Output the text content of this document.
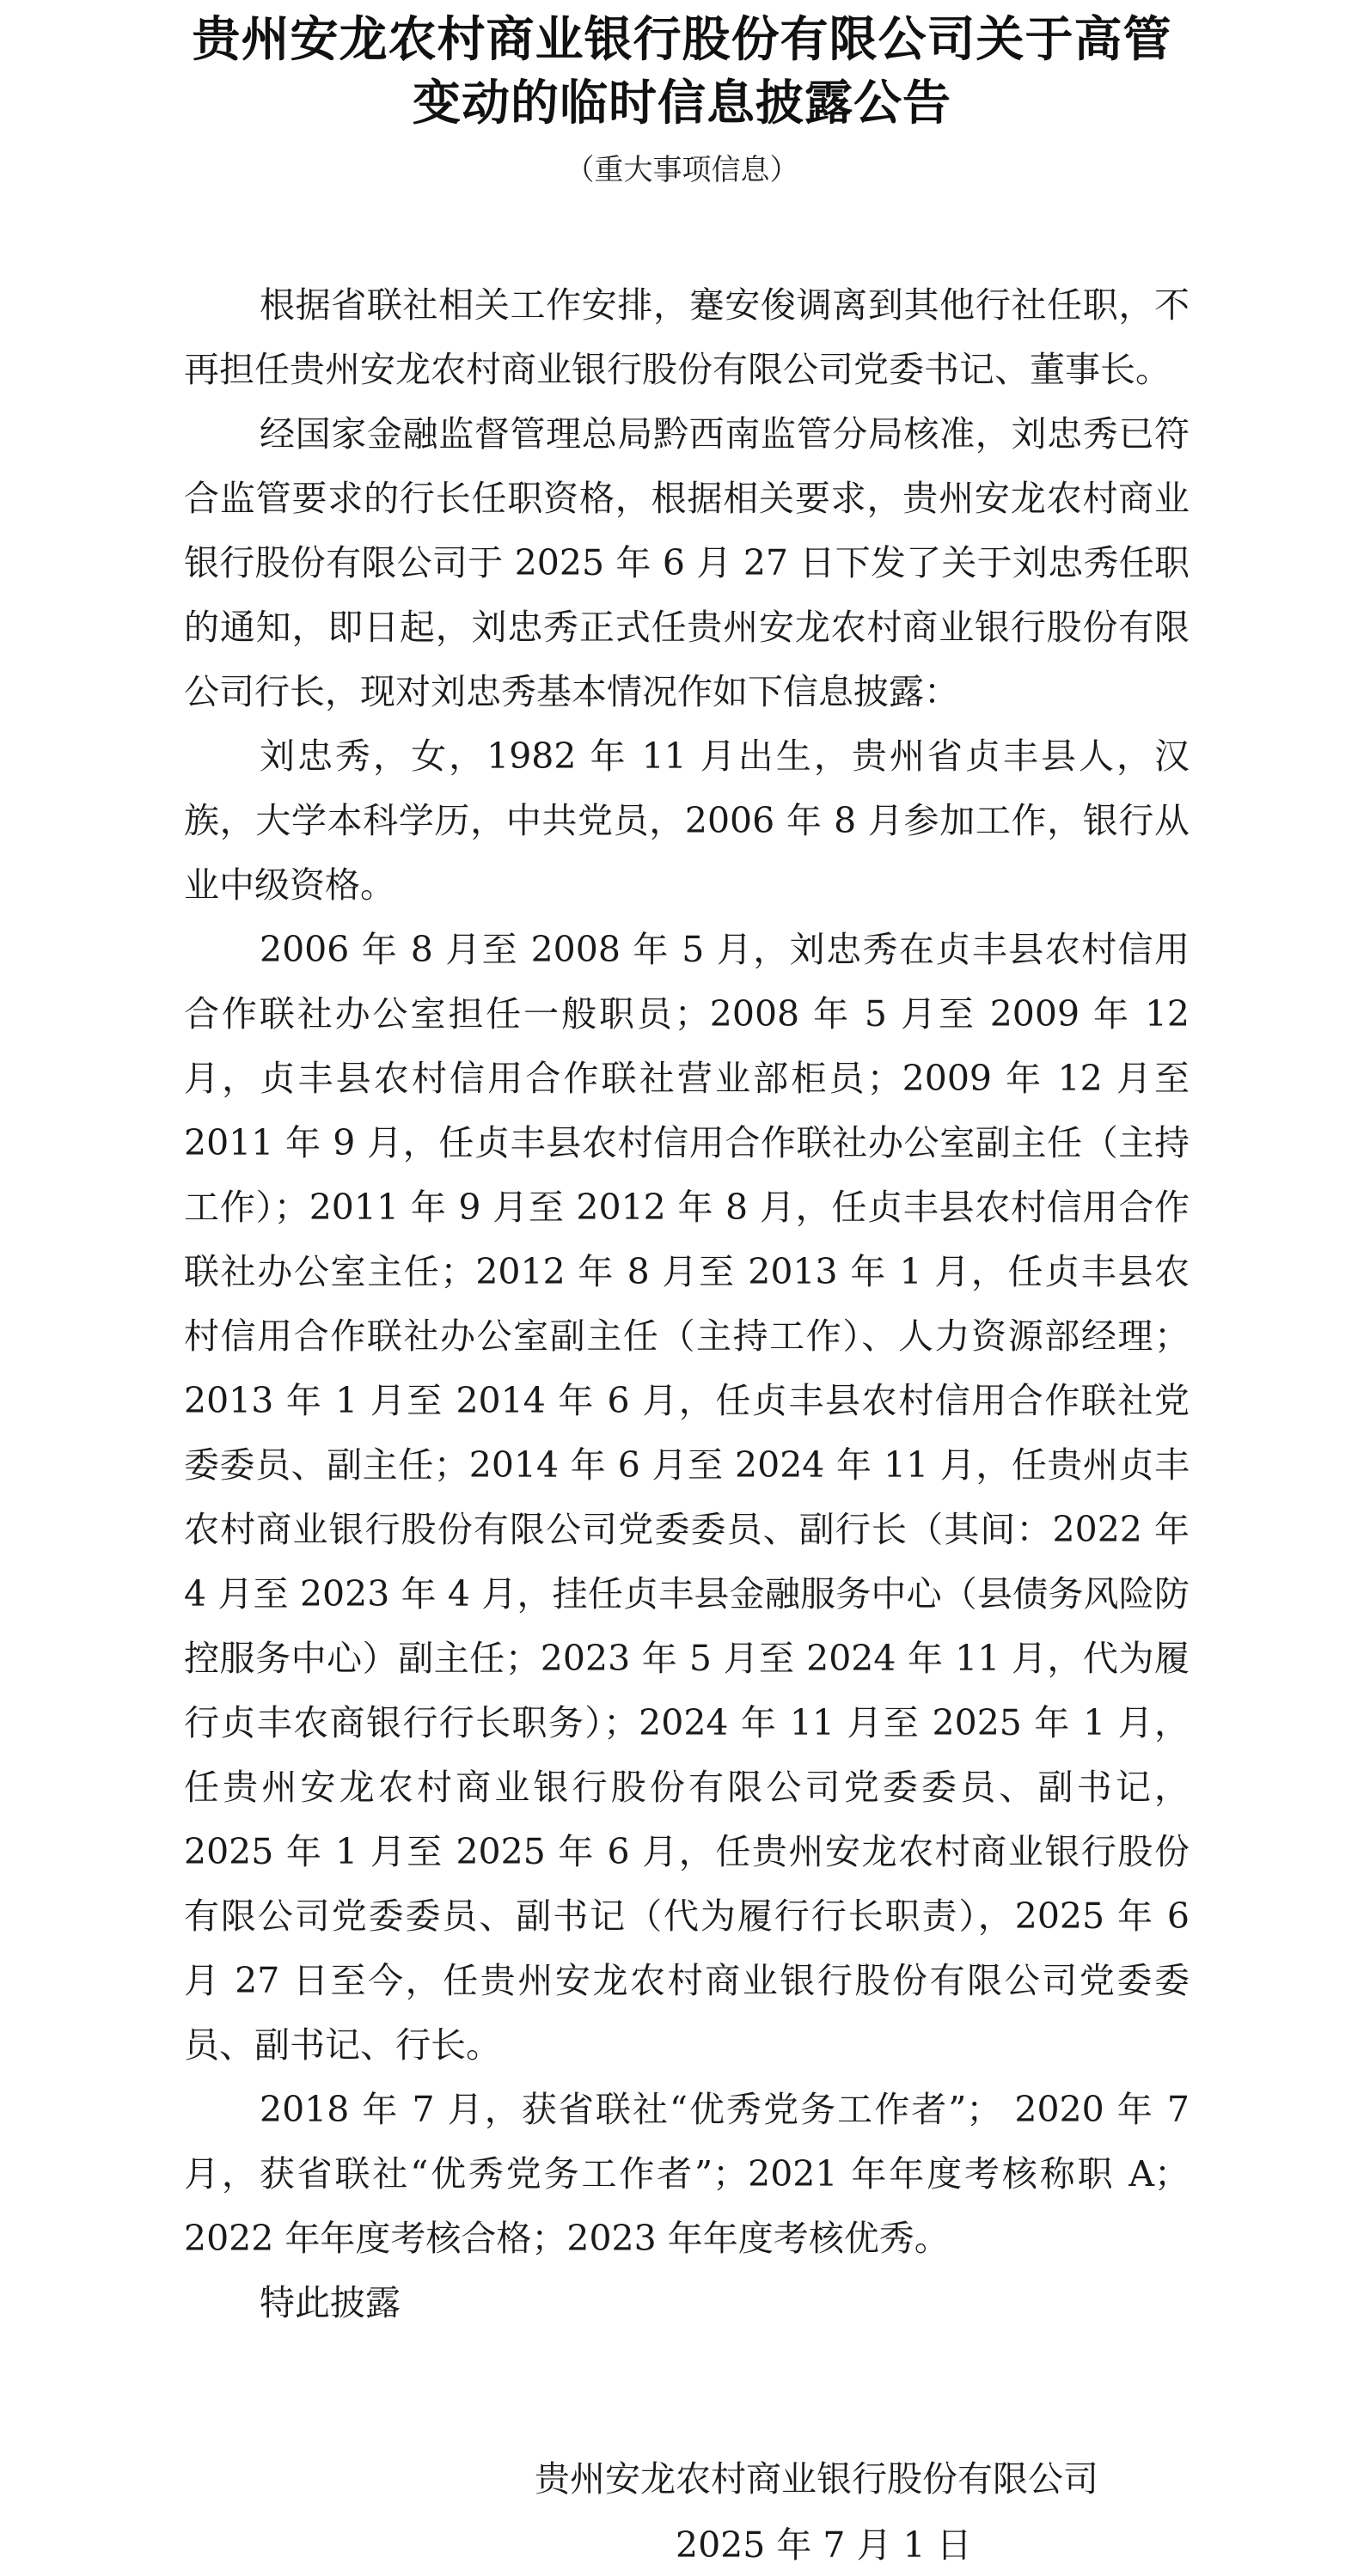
贵州安龙农村商业银行股份有限公司关于高管
变动的临时信息披露公告
（重大事项信息）

根据省联社相关工作安排，蹇安俊调离到其他行社任职，不再担任贵州安龙农村商业银行股份有限公司党委书记、董事长。

经国家金融监督管理总局黔西南监管分局核准，刘忠秀已符合监管要求的行长任职资格，根据相关要求，贵州安龙农村商业银行股份有限公司于 2025 年 6 月 27 日下发了关于刘忠秀任职的通知，即日起，刘忠秀正式任贵州安龙农村商业银行股份有限公司行长，现对刘忠秀基本情况作如下信息披露：

刘忠秀，女，1982 年 11 月出生，贵州省贞丰县人，汉族，大学本科学历，中共党员，2006 年 8 月参加工作，银行从业中级资格。

2006 年 8 月至 2008 年 5 月，刘忠秀在贞丰县农村信用合作联社办公室担任一般职员；2008 年 5 月至 2009 年 12 月，贞丰县农村信用合作联社营业部柜员；2009 年 12 月至 2011 年 9 月，任贞丰县农村信用合作联社办公室副主任（主持工作）；2011 年 9 月至 2012 年 8 月，任贞丰县农村信用合作联社办公室主任；2012 年 8 月至 2013 年 1 月，任贞丰县农村信用合作联社办公室副主任（主持工作）、人力资源部经理；2013 年 1 月至 2014 年 6 月，任贞丰县农村信用合作联社党委委员、副主任；2014 年 6 月至 2024 年 11 月，任贵州贞丰农村商业银行股份有限公司党委委员、副行长（其间：2022 年 4 月至 2023 年 4 月，挂任贞丰县金融服务中心（县债务风险防控服务中心）副主任；2023 年 5 月至 2024 年 11 月，代为履行贞丰农商银行行长职务）；2024 年 11 月至 2025 年 1 月，任贵州安龙农村商业银行股份有限公司党委委员、副书记，2025 年 1 月至 2025 年 6 月，任贵州安龙农村商业银行股份有限公司党委委员、副书记（代为履行行长职责），2025 年 6 月 27 日至今，任贵州安龙农村商业银行股份有限公司党委委员、副书记、行长。

2018 年 7 月，获省联社“优秀党务工作者”； 2020 年 7 月，获省联社“优秀党务工作者”；2021 年年度考核称职 A；2022 年年度考核合格；2023 年年度考核优秀。

特此披露

贵州安龙农村商业银行股份有限公司
2025 年 7 月 1 日
